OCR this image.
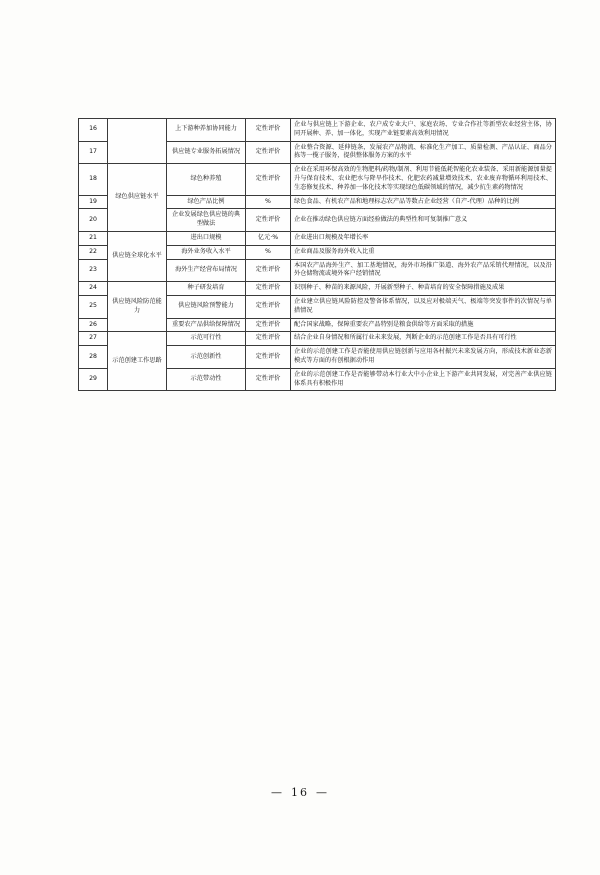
16		上下游种养加协同能力	定性评价	企业与供应链上下游企业、农户成专业大户、家庭农场、专业合作社等新型农业经营主体，协同开展种、养、加一体化，实现产业链要素高效利用情况
17		供应链专业服务拓展情况	定性评价	企业整合资源、延伸链条，发展农产品物流、标准化生产加工、质量检测、产品认证、商品分拣等一揽子服务，提供整体服务方案的水平
18	绿色供应链水平	绿色种养殖	定性评价	企业在采用环保高效的生物肥料/药物/制剂、利用节能低耗智能化农业装备、采用新能源加量提升与保育技术、农业把水与降旱作技术、化肥农药减量增效技术、农业废弃物循环利用技术、生态修复技术、种养加一体化技术等实现绿色低碳领域的情况，减少抗生素药物情况
19		绿色产品比例	%	绿色食品、有机农产品和地理标志农产品等数占企业经营（自产-代理）品种的比例
20		企业发展绿色供应链的典型做法	定性评价	企业在推动绿色供应链方面经验做法的典型性和可复制推广意义
21	供应链全球化水平	进出口规模	亿元·%	企业进出口规模及年增长率
22		海外业务收入水平	%	企业商品及服务海外收入比重
23		海外生产经营布局情况	定性评价	本国农产品海外生产、加工基地情况，海外市场推广渠道、海外农产品采销代理情况，以及沿外仓储物流或境外客户经销情况
24	供应链风险防范能力	种子研发培育	定性评价	识别种子、种苗的来源风险，开展新型种子、种苗培育的安全保障措施及成果
25		供应链风险预警能力	定性评价	企业建立供应链风险防控及警备体系情况，以及应对极端天气、极端等突发事件的次情况与单措情况
26		重要农产品供给保障情况	定性评价	配合国家战略，保障重要农产品特别是粮食供给等方面采取的措施
27	示范创建工作思路	示范可行性	定性评价	结合企业自身情况和所属行业未来发展，判断企业的示范创建工作是否具有可行性
28		示范创新性	定性评价	企业的示范创建工作是否能使用供应链创新与应用各村振兴未来发展方向，形成技术新业态新模式等方面的有创根据动作用
29		示范带动性	定性评价	企业的示范创建工作是否能够带动本行业大中小企业上下游产业共同发展，对完善产业供应链体系具有积极作用
— 16 —
